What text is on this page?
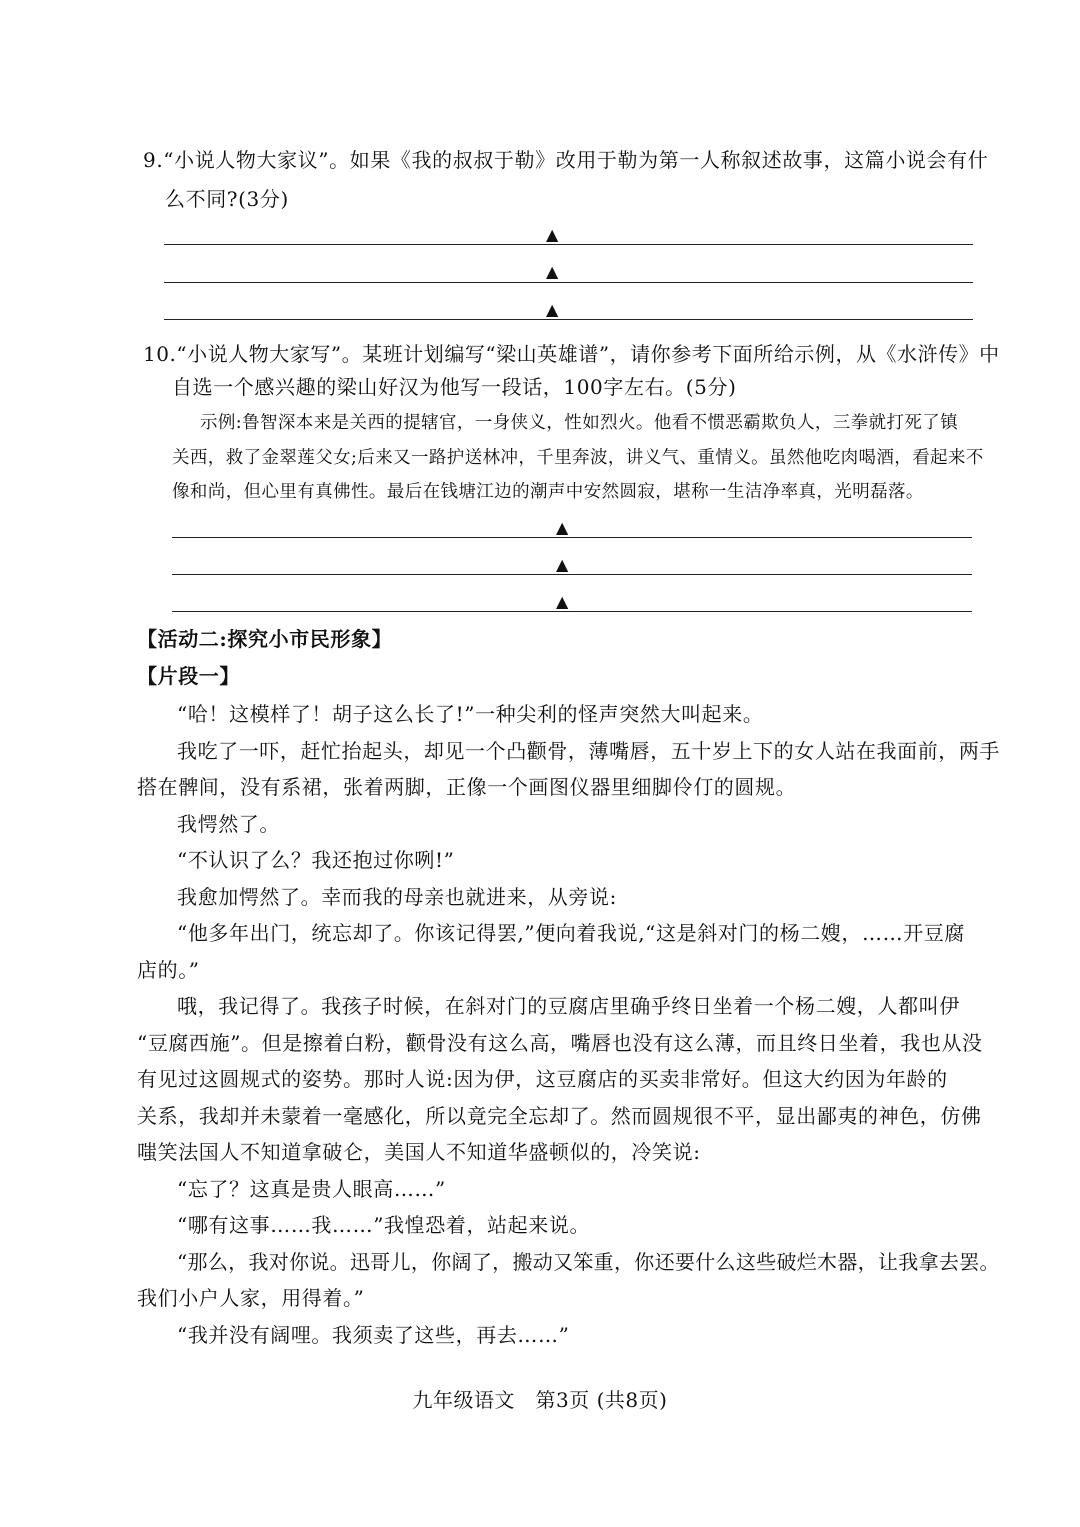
9.“小说人物大家议”。如果《我的叔叔于勒》改用于勒为第一人称叙述故事，这篇小说会有什
么不同?(3分)
▲
▲
▲
10.“小说人物大家写”。某班计划编写“梁山英雄谱”，请你参考下面所给示例，从《水浒传》中
自选一个感兴趣的梁山好汉为他写一段话，100字左右。(5分)
示例:鲁智深本来是关西的提辖官，一身侠义，性如烈火。他看不惯恶霸欺负人，三拳就打死了镇
关西，救了金翠莲父女;后来又一路护送林冲，千里奔波，讲义气、重情义。虽然他吃肉喝酒，看起来不
像和尚，但心里有真佛性。最后在钱塘江边的潮声中安然圆寂，堪称一生洁净率真，光明磊落。
▲
▲
▲
【活动二:探究小市民形象】
【片段一】
“哈！这模样了！胡子这么长了!”一种尖利的怪声突然大叫起来。
我吃了一吓，赶忙抬起头，却见一个凸颧骨，薄嘴唇，五十岁上下的女人站在我面前，两手
搭在髀间，没有系裙，张着两脚，正像一个画图仪器里细脚伶仃的圆规。
我愕然了。
“不认识了么？我还抱过你咧!”
我愈加愕然了。幸而我的母亲也就进来，从旁说:
“他多年出门，统忘却了。你该记得罢,”便向着我说,“这是斜对门的杨二嫂，……开豆腐
店的。”
哦，我记得了。我孩子时候，在斜对门的豆腐店里确乎终日坐着一个杨二嫂，人都叫伊
“豆腐西施”。但是擦着白粉，颧骨没有这么高，嘴唇也没有这么薄，而且终日坐着，我也从没
有见过这圆规式的姿势。那时人说:因为伊，这豆腐店的买卖非常好。但这大约因为年龄的
关系，我却并未蒙着一毫感化，所以竟完全忘却了。然而圆规很不平，显出鄙夷的神色，仿佛
嗤笑法国人不知道拿破仑，美国人不知道华盛顿似的，冷笑说:
“忘了？这真是贵人眼高……”
“哪有这事……我……”我惶恐着，站起来说。
“那么，我对你说。迅哥儿，你阔了，搬动又笨重，你还要什么这些破烂木器，让我拿去罢。
我们小户人家，用得着。”
“我并没有阔哩。我须卖了这些，再去……”
九年级语文　第3页 (共8页)
